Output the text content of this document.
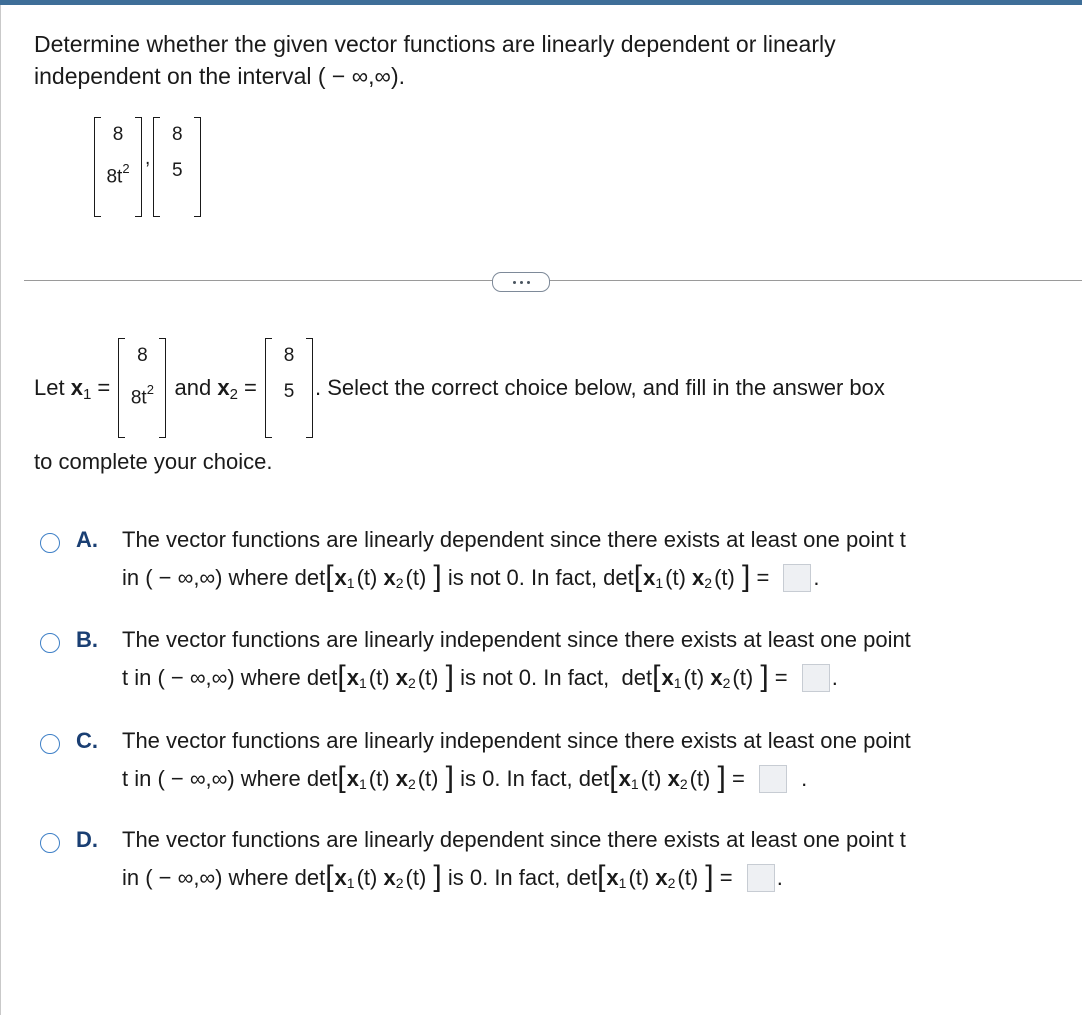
Determine whether the given vector functions are linearly dependent or linearly
independent on the interval ( − ∞,∞).
8
$8t^2$ ,
8
5
Let x 1 =
8
$8t^2$ and x 2 =
8
5 . Select the correct choice below, and fill in the answer box
to complete your choice.
A. The vector functions are linearly dependent since there exists at least one point t
in ( − ∞,∞) where det [ x 1 (t) x 2 (t) ] is not 0. In fact, det [ x 1 (t) x 2 (t) ] = .
B. The vector functions are linearly independent since there exists at least one point
t in ( − ∞,∞) where det [ x 1 (t) x 2 (t) ] is not 0. In fact, det [ x 1 (t) x 2 (t) ] = .
C. The vector functions are linearly independent since there exists at least one point
t in ( − ∞,∞) where det [ x 1 (t) x 2 (t) ] is 0. In fact, det [ x 1 (t) x 2 (t) ] = .
D. The vector functions are linearly dependent since there exists at least one point t
in ( − ∞,∞) where det [ x 1 (t) x 2 (t) ] is 0. In fact, det [ x 1 (t) x 2 (t) ] = .
